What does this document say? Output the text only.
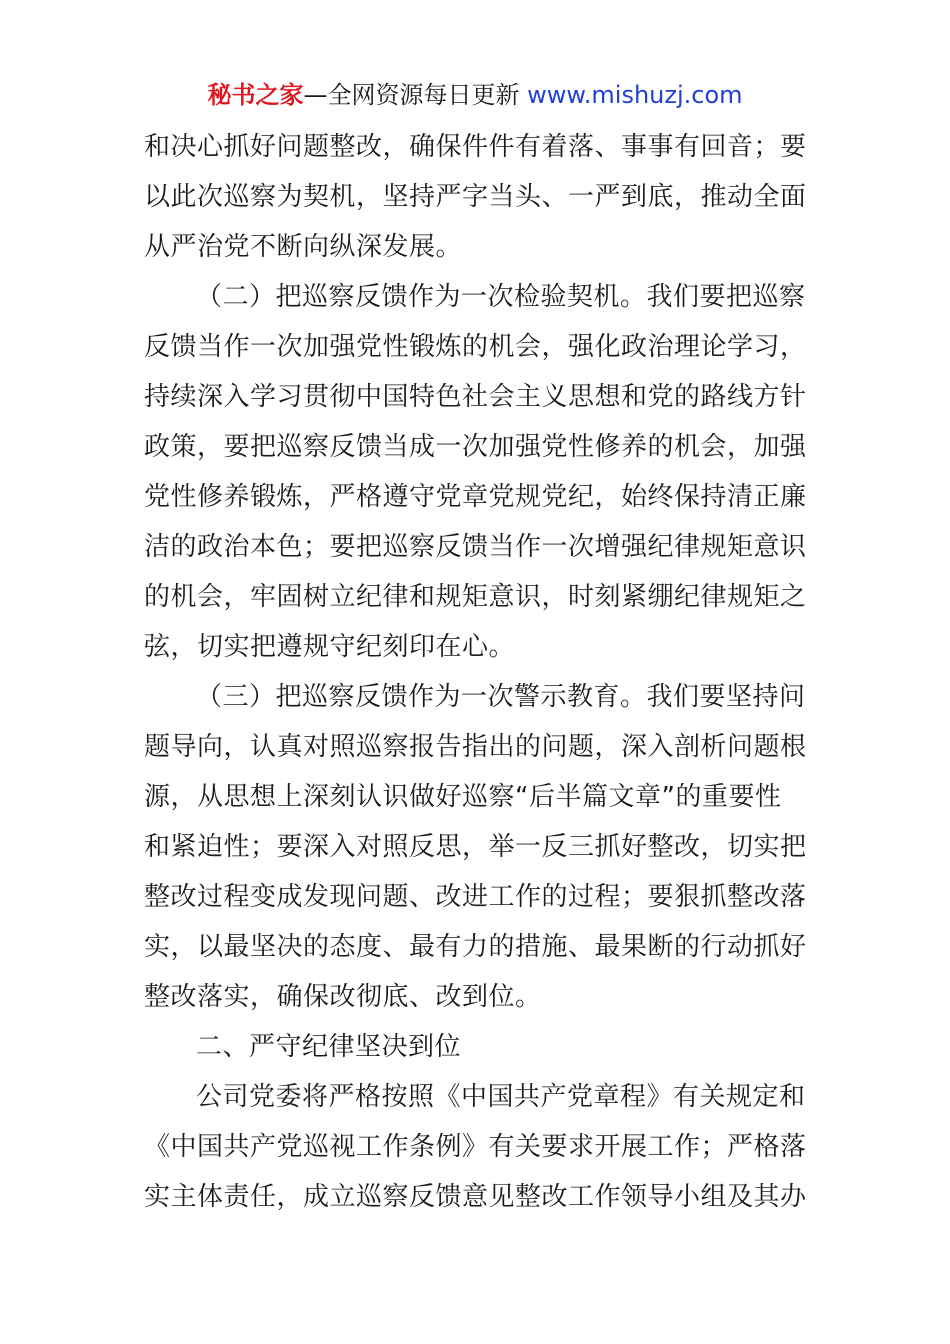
秘书之家—全网资源每日更新 www.mishuzj.com
和决心抓好问题整改，确保件件有着落、事事有回音；要
以此次巡察为契机，坚持严字当头、一严到底，推动全面
从严治党不断向纵深发展。
（二）把巡察反馈作为一次检验契机。我们要把巡察
反馈当作一次加强党性锻炼的机会，强化政治理论学习，
持续深入学习贯彻中国特色社会主义思想和党的路线方针
政策，要把巡察反馈当成一次加强党性修养的机会，加强
党性修养锻炼，严格遵守党章党规党纪，始终保持清正廉
洁的政治本色；要把巡察反馈当作一次增强纪律规矩意识
的机会，牢固树立纪律和规矩意识，时刻紧绷纪律规矩之
弦，切实把遵规守纪刻印在心。
（三）把巡察反馈作为一次警示教育。我们要坚持问
题导向，认真对照巡察报告指出的问题，深入剖析问题根
源，从思想上深刻认识做好巡察“后半篇文章”的重要性
和紧迫性；要深入对照反思，举一反三抓好整改，切实把
整改过程变成发现问题、改进工作的过程；要狠抓整改落
实，以最坚决的态度、最有力的措施、最果断的行动抓好
整改落实，确保改彻底、改到位。
二、严守纪律坚决到位
公司党委将严格按照《中国共产党章程》有关规定和
《中国共产党巡视工作条例》有关要求开展工作；严格落
实主体责任，成立巡察反馈意见整改工作领导小组及其办
